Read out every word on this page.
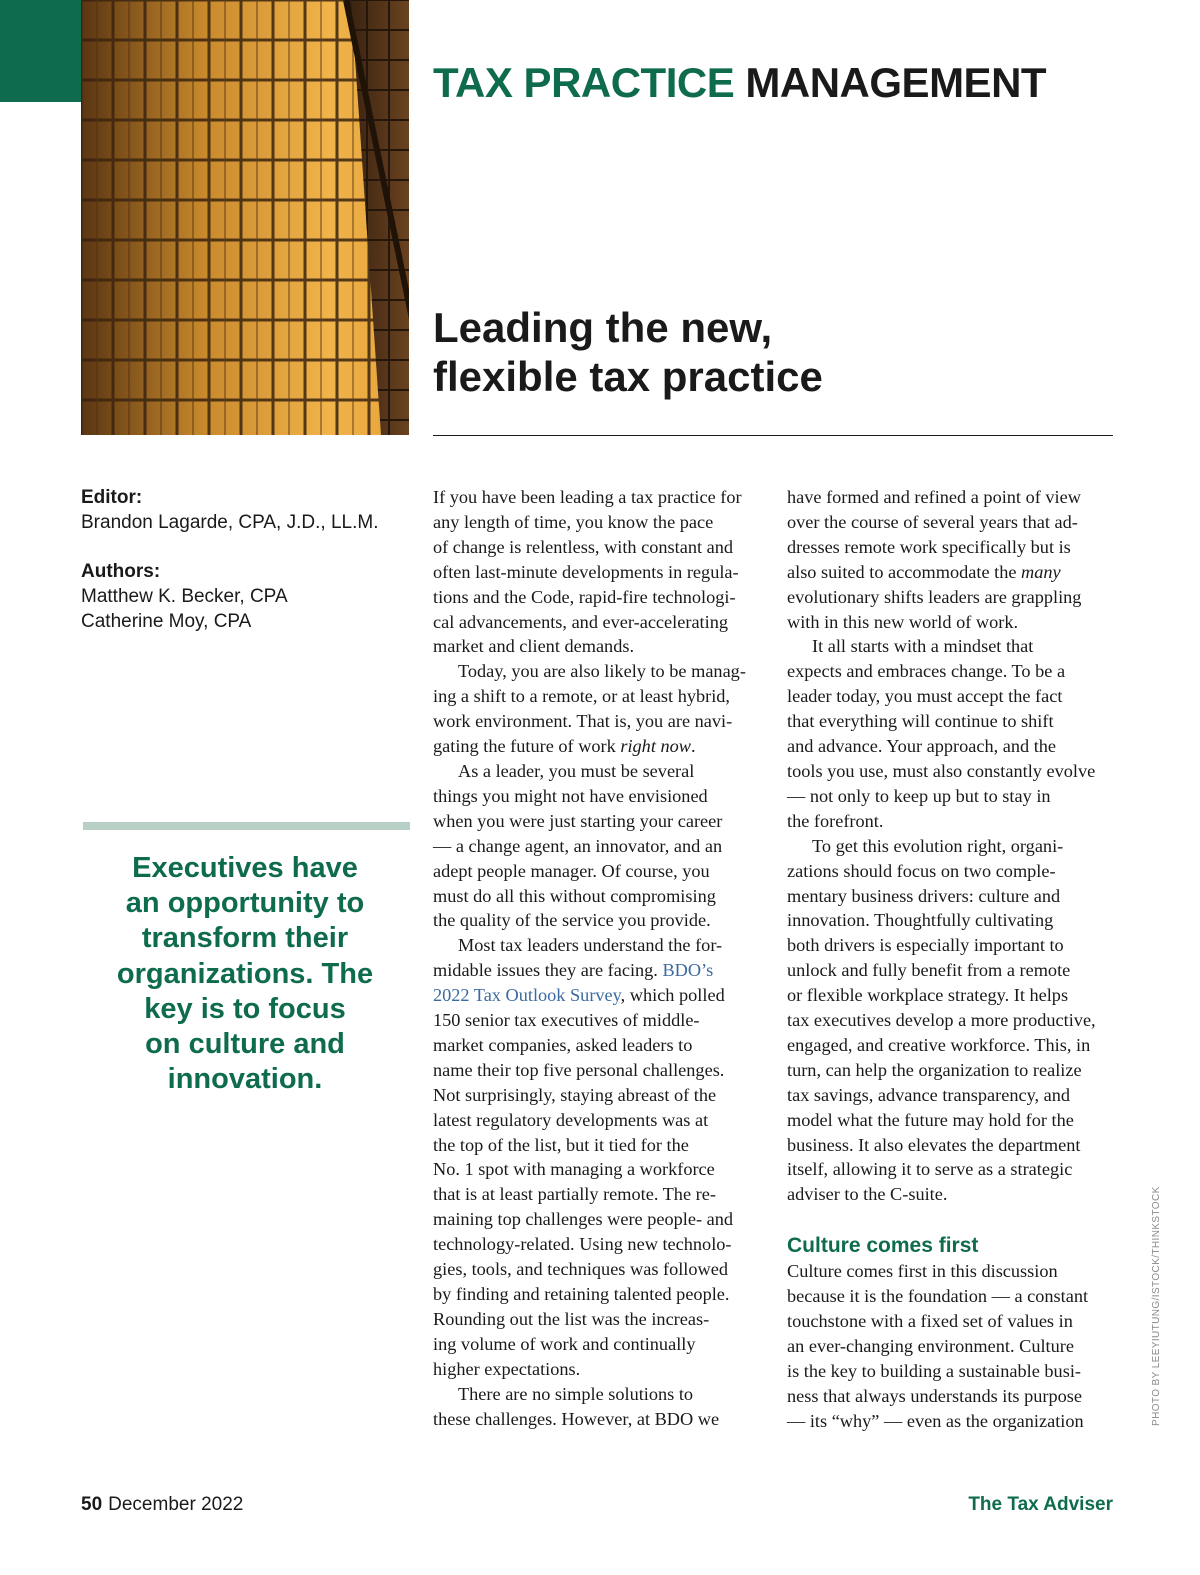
TAX PRACTICE MANAGEMENT
Leading the new,
flexible tax practice
Editor:
Brandon Lagarde, CPA, J.D., LL.M.
Authors:
Matthew K. Becker, CPA
Catherine Moy, CPA

Executives have
an opportunity to
transform their
organizations. The
key is to focus
on culture and
innovation.

If you have been leading a tax practice for
any length of time, you know the pace
of change is relentless, with constant and
often last-minute developments in regula-
tions and the Code, rapid-fire technologi-
cal advancements, and ever-accelerating
market and client demands.

Today, you are also likely to be manag-
ing a shift to a remote, or at least hybrid,
work environment. That is, you are navi-
gating the future of work right now.

As a leader, you must be several
things you might not have envisioned
when you were just starting your career
— a change agent, an innovator, and an
adept people manager. Of course, you
must do all this without compromising
the quality of the service you provide.

Most tax leaders understand the for-
midable issues they are facing. BDO’s
2022 Tax Outlook Survey, which polled
150 senior tax executives of middle-
market companies, asked leaders to
name their top five personal challenges.
Not surprisingly, staying abreast of the
latest regulatory developments was at
the top of the list, but it tied for the
No. 1 spot with managing a workforce
that is at least partially remote. The re-
maining top challenges were people- and
technology-related. Using new technolo-
gies, tools, and techniques was followed
by finding and retaining talented people.
Rounding out the list was the increas-
ing volume of work and continually
higher expectations.

There are no simple solutions to
these challenges. However, at BDO we

have formed and refined a point of view
over the course of several years that ad-
dresses remote work specifically but is
also suited to accommodate the many
evolutionary shifts leaders are grappling
with in this new world of work.

It all starts with a mindset that
expects and embraces change. To be a
leader today, you must accept the fact
that everything will continue to shift
and advance. Your approach, and the
tools you use, must also constantly evolve
— not only to keep up but to stay in
the forefront.

To get this evolution right, organi-
zations should focus on two comple-
mentary business drivers: culture and
innovation. Thoughtfully cultivating
both drivers is especially important to
unlock and fully benefit from a remote
or flexible workplace strategy. It helps
tax executives develop a more productive,
engaged, and creative workforce. This, in
turn, can help the organization to realize
tax savings, advance transparency, and
model what the future may hold for the
business. It also elevates the department
itself, allowing it to serve as a strategic
adviser to the C-suite.

Culture comes first

Culture comes first in this discussion
because it is the foundation — a constant
touchstone with a fixed set of values in
an ever-changing environment. Culture
is the key to building a sustainable busi-
ness that always understands its purpose
— its “why” — even as the organization	PHOTO BY LEEYIUTUNG/ISTOCK/THINKSTOCK
50 December 2022	The Tax Adviser
